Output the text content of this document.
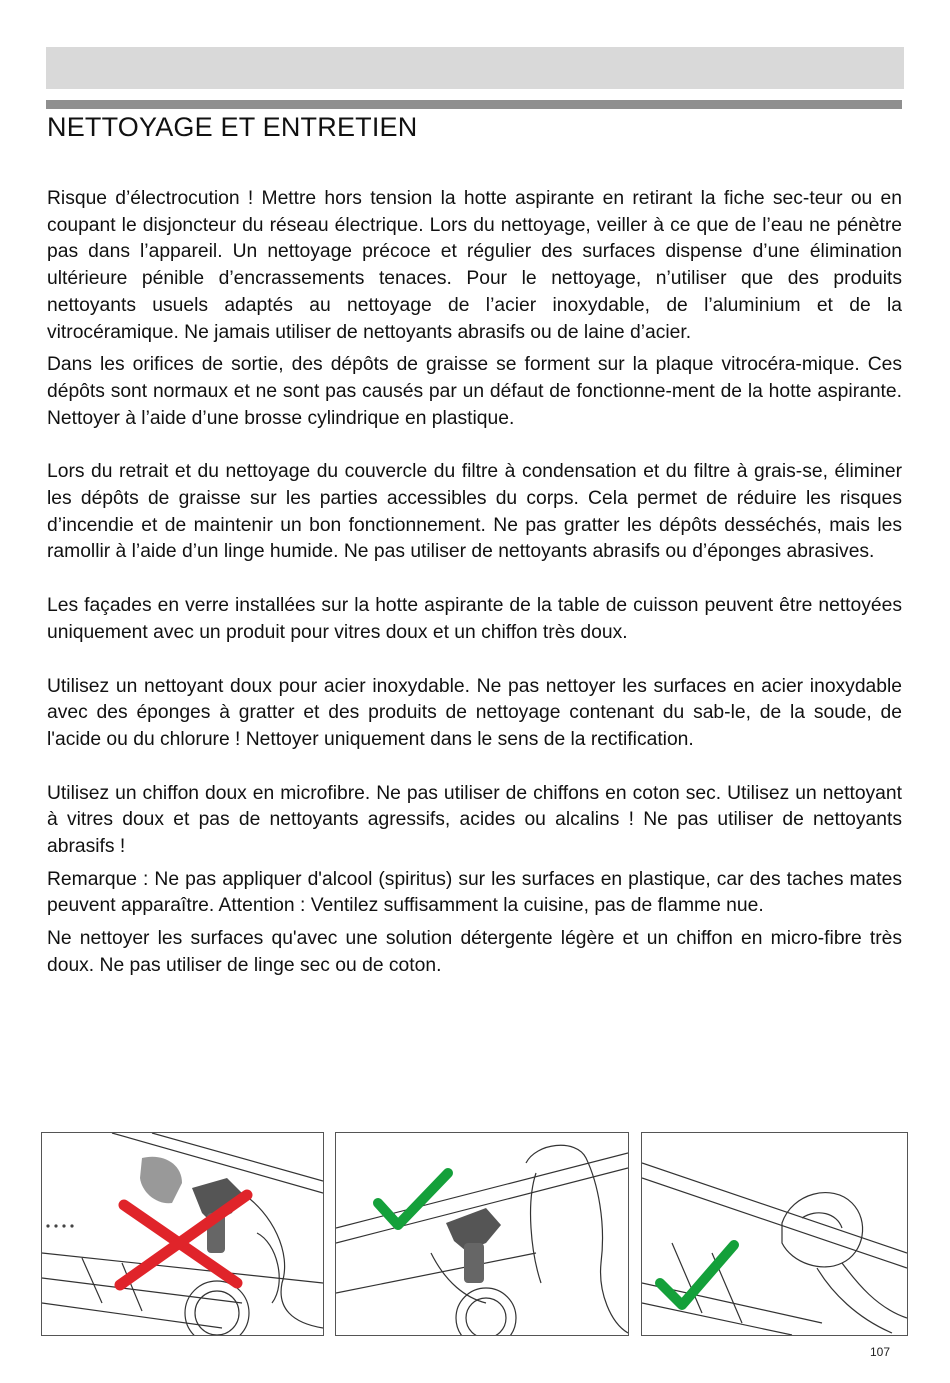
NETTOYAGE ET ENTRETIEN

Risque d’électrocution ! Mettre hors tension la hotte aspirante en retirant la fiche sec-teur ou en coupant le disjoncteur du réseau électrique. Lors du nettoyage, veiller à ce que de l’eau ne pénètre pas dans l’appareil. Un nettoyage précoce et régulier des surfaces dispense d’une élimination ultérieure pénible d’encrassements tenaces. Pour le nettoyage, n’utiliser que des produits nettoyants usuels adaptés au nettoyage de l’acier inoxydable, de l’aluminium et de la vitrocéramique. Ne jamais utiliser de nettoyants abrasifs ou de laine d’acier.

Dans les orifices de sortie, des dépôts de graisse se forment sur la plaque vitrocéra-mique. Ces dépôts sont normaux et ne sont pas causés par un défaut de fonctionne-ment de la hotte aspirante. Nettoyer à l’aide d’une brosse cylindrique en plastique.

Lors du retrait et du nettoyage du couvercle du filtre à condensation et du filtre à grais-se, éliminer les dépôts de graisse sur les parties accessibles du corps. Cela permet de réduire les risques d’incendie et de maintenir un bon fonctionnement. Ne pas gratter les dépôts desséchés, mais les ramollir à l’aide d’un linge humide. Ne pas utiliser de nettoyants abrasifs ou d’éponges abrasives.

Les façades en verre installées sur la hotte aspirante de la table de cuisson peuvent être nettoyées uniquement avec un produit pour vitres doux et un chiffon très doux.

Utilisez un nettoyant doux pour acier inoxydable. Ne pas nettoyer les surfaces en acier inoxydable avec des éponges à gratter et des produits de nettoyage contenant du sab-le, de la soude, de l'acide ou du chlorure ! Nettoyer uniquement dans le sens de la rectification.

Utilisez un chiffon doux en microfibre. Ne pas utiliser de chiffons en coton sec. Utilisez un nettoyant à vitres doux et pas de nettoyants agressifs, acides ou alcalins ! Ne pas utiliser de nettoyants abrasifs !

Remarque : Ne pas appliquer d'alcool (spiritus) sur les surfaces en plastique, car des taches mates peuvent apparaître. Attention : Ventilez suffisamment la cuisine, pas de flamme nue.

Ne nettoyer les surfaces qu'avec une solution détergente légère et un chiffon en micro-fibre très doux. Ne pas utiliser de linge sec ou de coton.

107
